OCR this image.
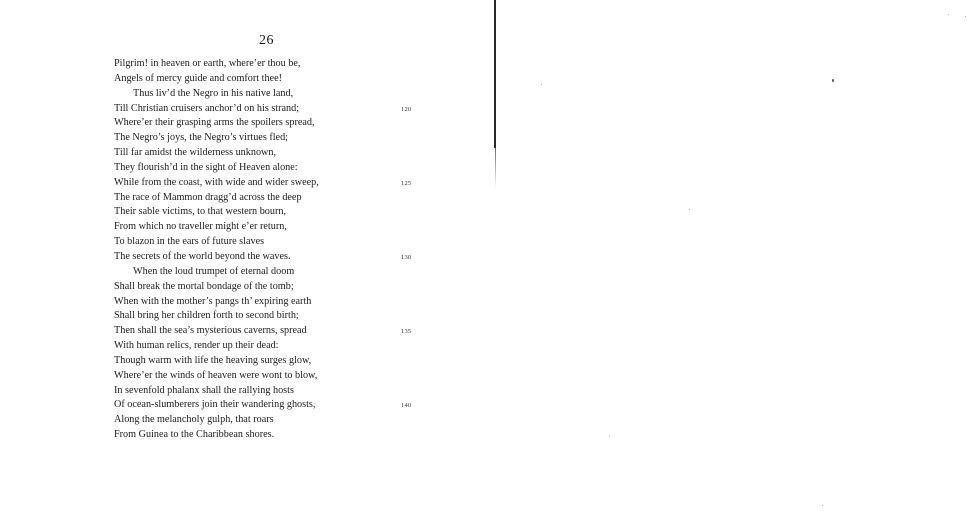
26
Pilgrim! in heaven or earth, where’er thou be,
Angels of mercy guide and comfort thee!
Thus liv’d the Negro in his native land,
Till Christian cruisers anchor’d on his strand;	120
Where’er their grasping arms the spoilers spread,
The Negro’s joys, the Negro’s virtues fled;
Till far amidst the wilderness unknown,
They flourish’d in the sight of Heaven alone:
While from the coast, with wide and wider sweep,	125
The race of Mammon dragg’d across the deep
Their sable victims, to that western bourn,
From which no traveller might e’er return,
To blazon in the ears of future slaves
The secrets of the world beyond the waves.	130
When the loud trumpet of eternal doom
Shall break the mortal bondage of the tomb;
When with the mother’s pangs th’ expiring earth
Shall bring her children forth to second birth;
Then shall the sea’s mysterious caverns, spread	135
With human relics, render up their dead:
Though warm with life the heaving surges glow,
Where’er the winds of heaven were wont to blow,
In sevenfold phalanx shall the rallying hosts
Of ocean-slumberers join their wandering ghosts,	140
Along the melancholy gulph, that roars
From Guinea to the Charibbean shores.
